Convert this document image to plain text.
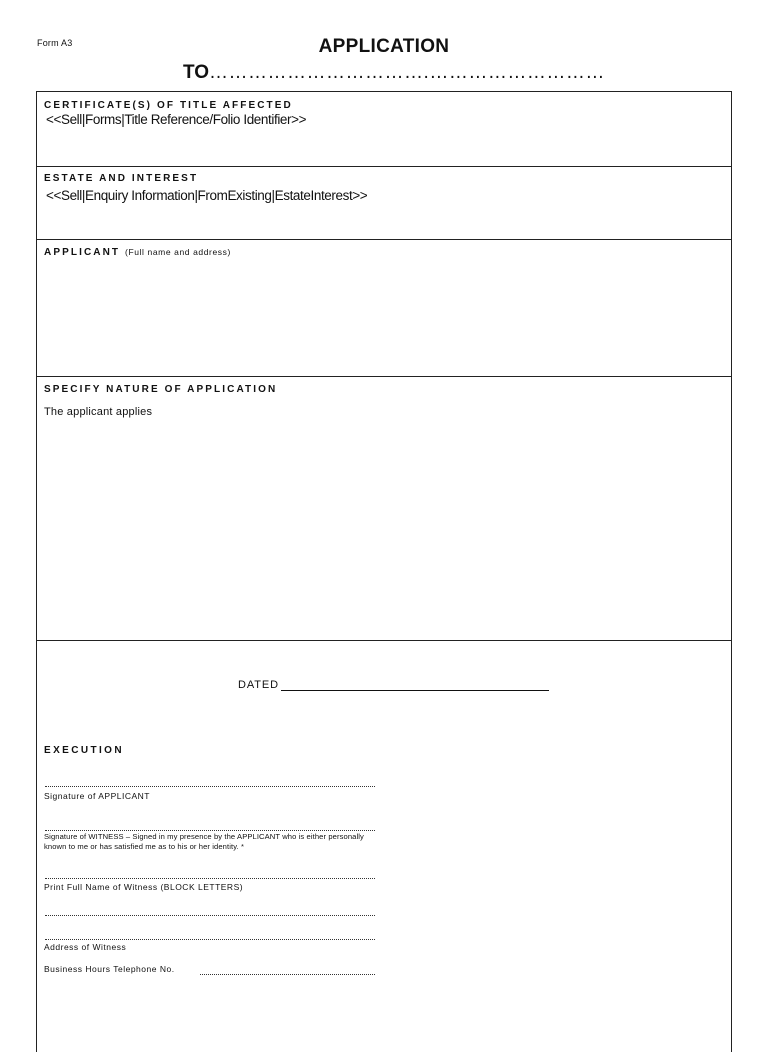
Form A3	APPLICATION
TO…………………………….………………………
CERTIFICATE(S) OF TITLE AFFECTED
<<Sell|Forms|Title Reference/Folio Identifier>>
ESTATE AND INTEREST
<<Sell|Enquiry Information|FromExisting|EstateInterest>>
APPLICANT (Full name and address)
SPECIFY NATURE OF APPLICATION
The applicant applies
DATED
EXECUTION
Signature of APPLICANT
Signature of WITNESS – Signed in my presence by the APPLICANT who is either personally known to me or has satisfied me as to his or her identity. *
Print Full Name of Witness (BLOCK LETTERS)
Address of Witness
Business Hours Telephone No.
